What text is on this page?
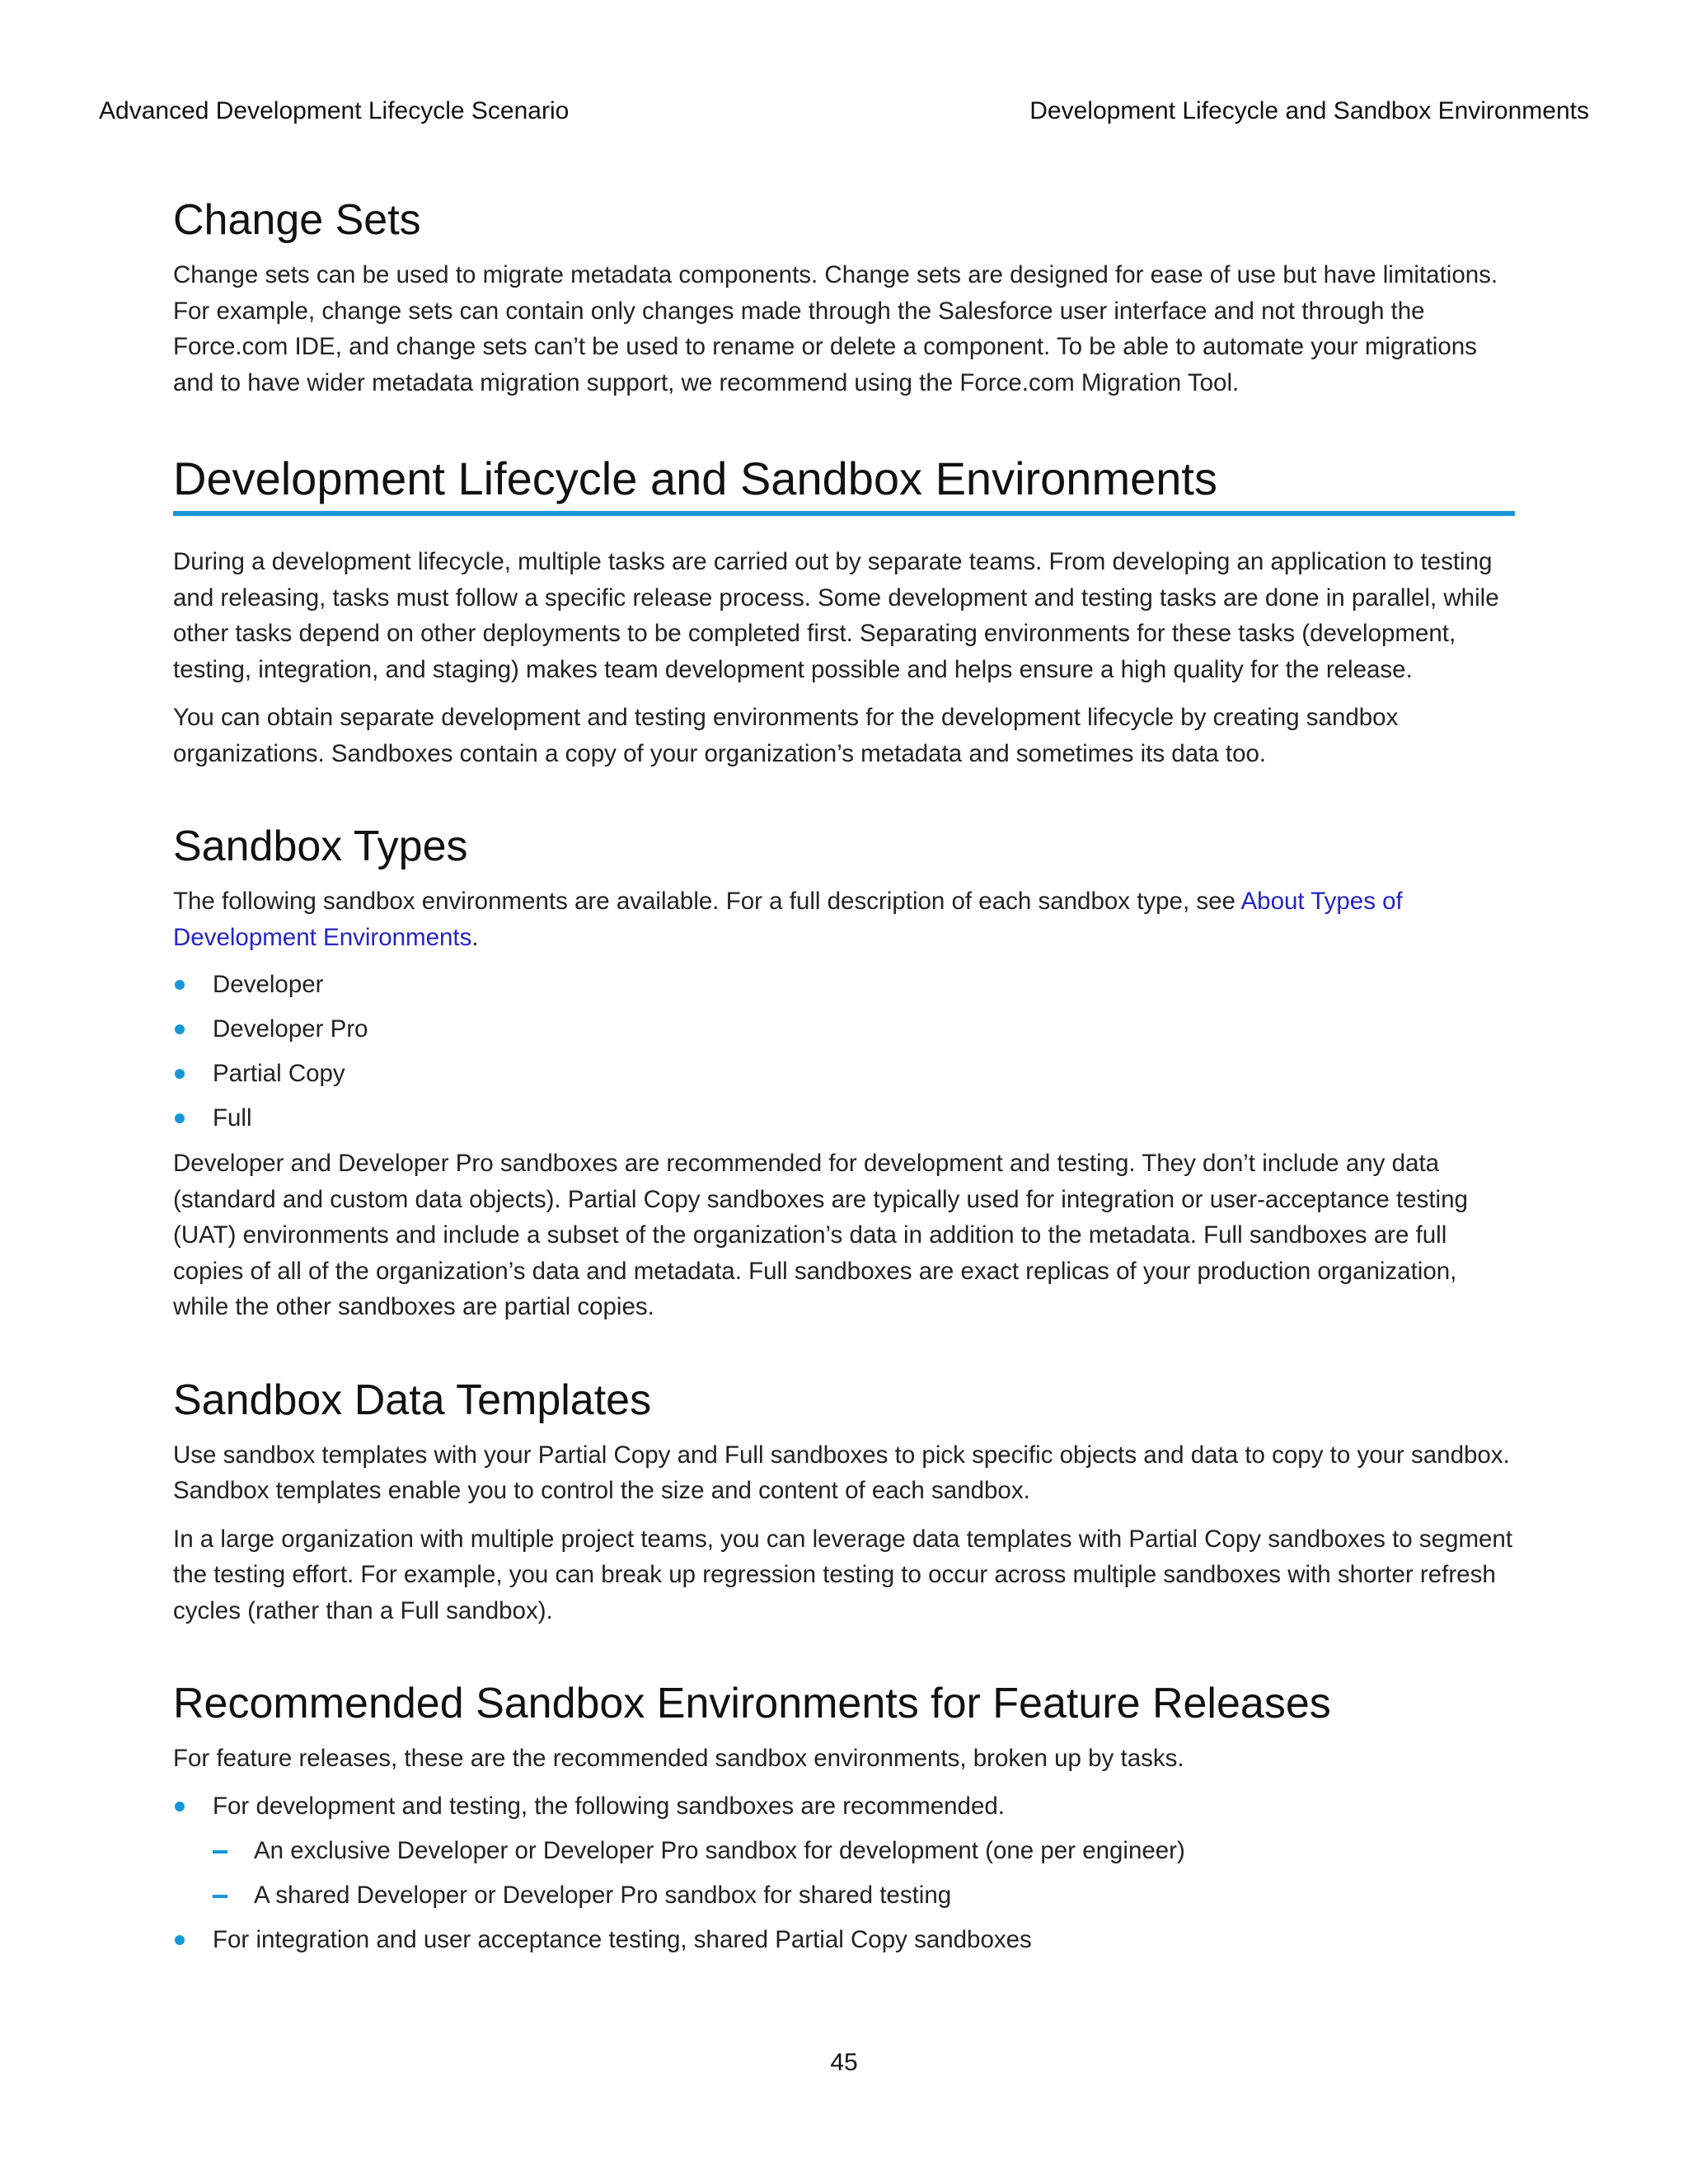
Advanced Development Lifecycle Scenario	Development Lifecycle and Sandbox Environments
Change Sets

Change sets can be used to migrate metadata components. Change sets are designed for ease of use but have limitations. For example, change sets can contain only changes made through the Salesforce user interface and not through the Force.com IDE, and change sets can’t be used to rename or delete a component. To be able to automate your migrations and to have wider metadata migration support, we recommend using the Force.com Migration Tool.

Development Lifecycle and Sandbox Environments

During a development lifecycle, multiple tasks are carried out by separate teams. From developing an application to testing and releasing, tasks must follow a specific release process. Some development and testing tasks are done in parallel, while other tasks depend on other deployments to be completed first. Separating environments for these tasks (development, testing, integration, and staging) makes team development possible and helps ensure a high quality for the release.

You can obtain separate development and testing environments for the development lifecycle by creating sandbox organizations. Sandboxes contain a copy of your organization’s metadata and sometimes its data too.

Sandbox Types

The following sandbox environments are available. For a full description of each sandbox type, see About Types of Development Environments.

Developer
Developer Pro
Partial Copy
Full

Developer and Developer Pro sandboxes are recommended for development and testing. They don’t include any data (standard and custom data objects). Partial Copy sandboxes are typically used for integration or user-acceptance testing (UAT) environments and include a subset of the organization’s data in addition to the metadata. Full sandboxes are full copies of all of the organization’s data and metadata. Full sandboxes are exact replicas of your production organization, while the other sandboxes are partial copies.

Sandbox Data Templates

Use sandbox templates with your Partial Copy and Full sandboxes to pick specific objects and data to copy to your sandbox. Sandbox templates enable you to control the size and content of each sandbox.

In a large organization with multiple project teams, you can leverage data templates with Partial Copy sandboxes to segment the testing effort. For example, you can break up regression testing to occur across multiple sandboxes with shorter refresh cycles (rather than a Full sandbox).

Recommended Sandbox Environments for Feature Releases

For feature releases, these are the recommended sandbox environments, broken up by tasks.

For development and testing, the following sandboxes are recommended.
An exclusive Developer or Developer Pro sandbox for development (one per engineer)
A shared Developer or Developer Pro sandbox for shared testing
For integration and user acceptance testing, shared Partial Copy sandboxes
45
